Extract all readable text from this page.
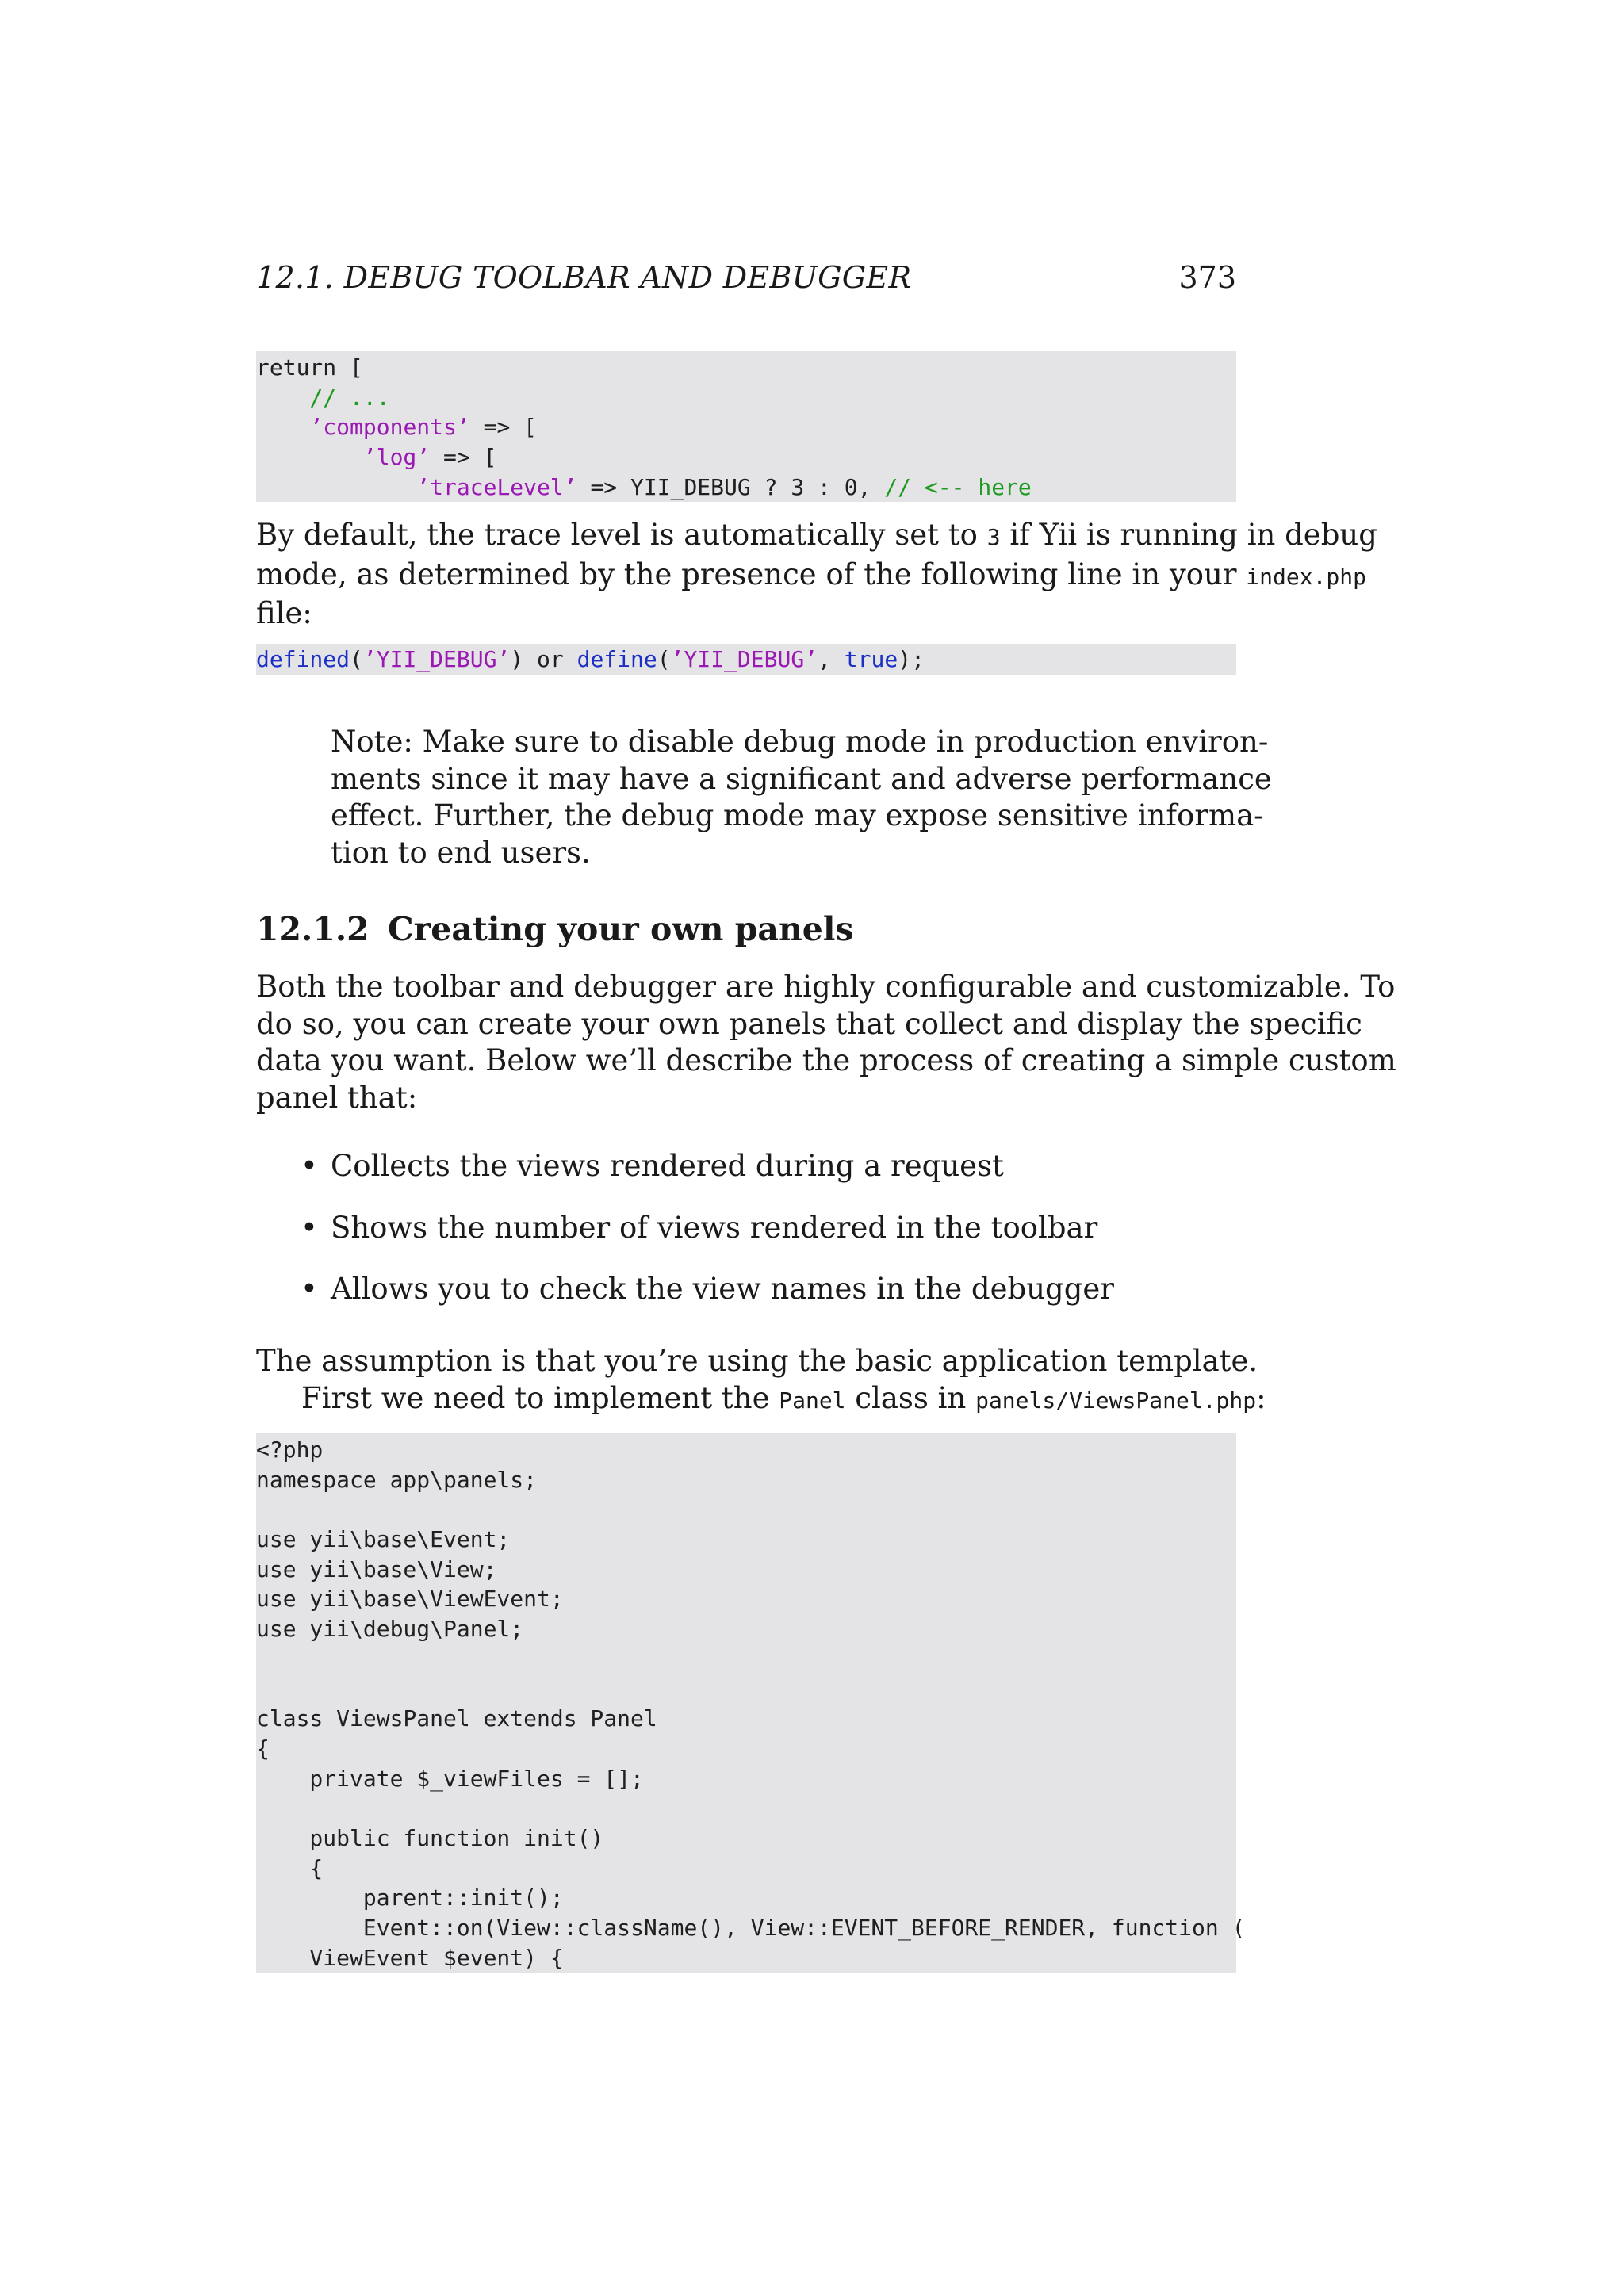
12.1. DEBUG TOOLBAR AND DEBUGGER	373
return [
// ...
’components’ => [
’log’ => [
’traceLevel’ => YII_DEBUG ? 3 : 0, // <-- here
By default, the trace level is automatically set to 3 if Yii is running in debug
mode, as determined by the presence of the following line in your index.php
file:
defined(’YII_DEBUG’) or define(’YII_DEBUG’, true);
Note: Make sure to disable debug mode in production environ-
ments since it may have a significant and adverse performance
effect. Further, the debug mode may expose sensitive informa-
tion to end users.
12.1.2 Creating your own panels
Both the toolbar and debugger are highly configurable and customizable. To
do so, you can create your own panels that collect and display the specific
data you want. Below we’ll describe the process of creating a simple custom
panel that:
• Collects the views rendered during a request
• Shows the number of views rendered in the toolbar
• Allows you to check the view names in the debugger
The assumption is that you’re using the basic application template.
First we need to implement the Panel class in panels/ViewsPanel.php:
<?php
namespace app\panels;

use yii\base\Event;
use yii\base\View;
use yii\base\ViewEvent;
use yii\debug\Panel;

class ViewsPanel extends Panel
{
private $_viewFiles = [];

public function init()
{
parent::init();
Event::on(View::className(), View::EVENT_BEFORE_RENDER, function (
ViewEvent $event) {
